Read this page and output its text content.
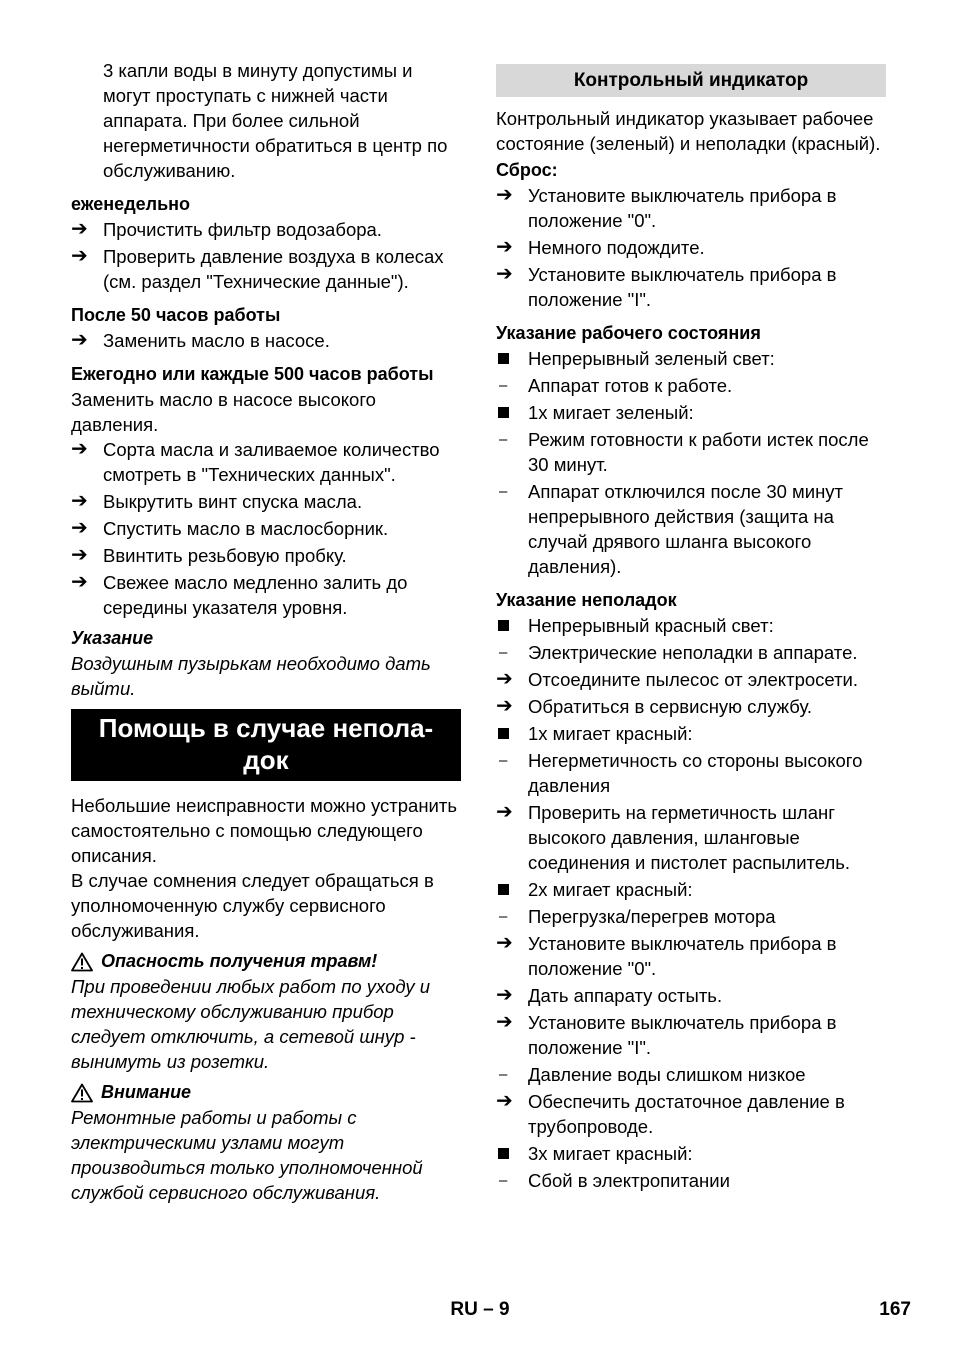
3 капли воды в минуту допустимы и могут проступать с нижней части аппарата. При более сильной негерметичности обратиться в центр по обслуживанию.

еженедельно

➔ Прочистить фильтр водозабора.
➔ Проверить давление воздуха в колесах (см. раздел "Технические данные").

После 50 часов работы

➔ Заменить масло в насосе.

Ежегодно или каждые 500 часов работы

Заменить масло в насосе высокого давления.

➔ Сорта масла и заливаемое количество смотреть в "Технических данных".
➔ Выкрутить винт спуска масла.
➔ Спустить масло в маслосборник.
➔ Ввинтить резьбовую пробку.
➔ Свежее масло медленно залить до середины указателя уровня.

Указание

Воздушным пузырькам необходимо дать выйти.

Помощь в случае непола-
док

Небольшие неисправности можно устранить самостоятельно с помощью следующего описания.

В случае сомнения следует обращаться в уполномоченную службу сервисного обслуживания.

Опасность получения травм!

При проведении любых работ по уходу и техническому обслуживанию прибор следует отключить, а сетевой шнур - вынимуть из розетки.

Внимание

Ремонтные работы и работы с электрическими узлами могут производиться только уполномоченной службой сервисного обслуживания.

Контрольный индикатор

Контрольный индикатор указывает рабочее состояние (зеленый) и неполадки (красный).

Сброс:

➔ Установите выключатель прибора в положение "0".
➔ Немного подождите.
➔ Установите выключатель прибора в положение "I".

Указание рабочего состояния

Непрерывный зеленый свет:
–	Аппарат готов к работе.
1x мигает зеленый:
–	Режим готовности к работи истек после 30 минут.
–	Аппарат отключился после 30 минут непрерывного действия (защита на случай дрявого шланга высокого давления).

Указание неполадок

Непрерывный красный свет:
–	Электрические неполадки в аппарате.
➔ Отсоедините пылесос от электросети.
➔ Обратиться в сервисную службу.
1x мигает красный:
–	Негерметичность со стороны высокого давления
➔ Проверить на герметичность шланг высокого давления, шланговые соединения и пистолет распылитель.
2x мигает красный:
–	Перегрузка/перегрев мотора
➔ Установите выключатель прибора в положение "0".
➔ Дать аппарату остыть.
➔ Установите выключатель прибора в положение "I".
–	Давление воды слишком низкое
➔ Обеспечить достаточное давление в трубопроводе.
3x мигает красный:
–	Сбой в электропитании
RU – 9	167
